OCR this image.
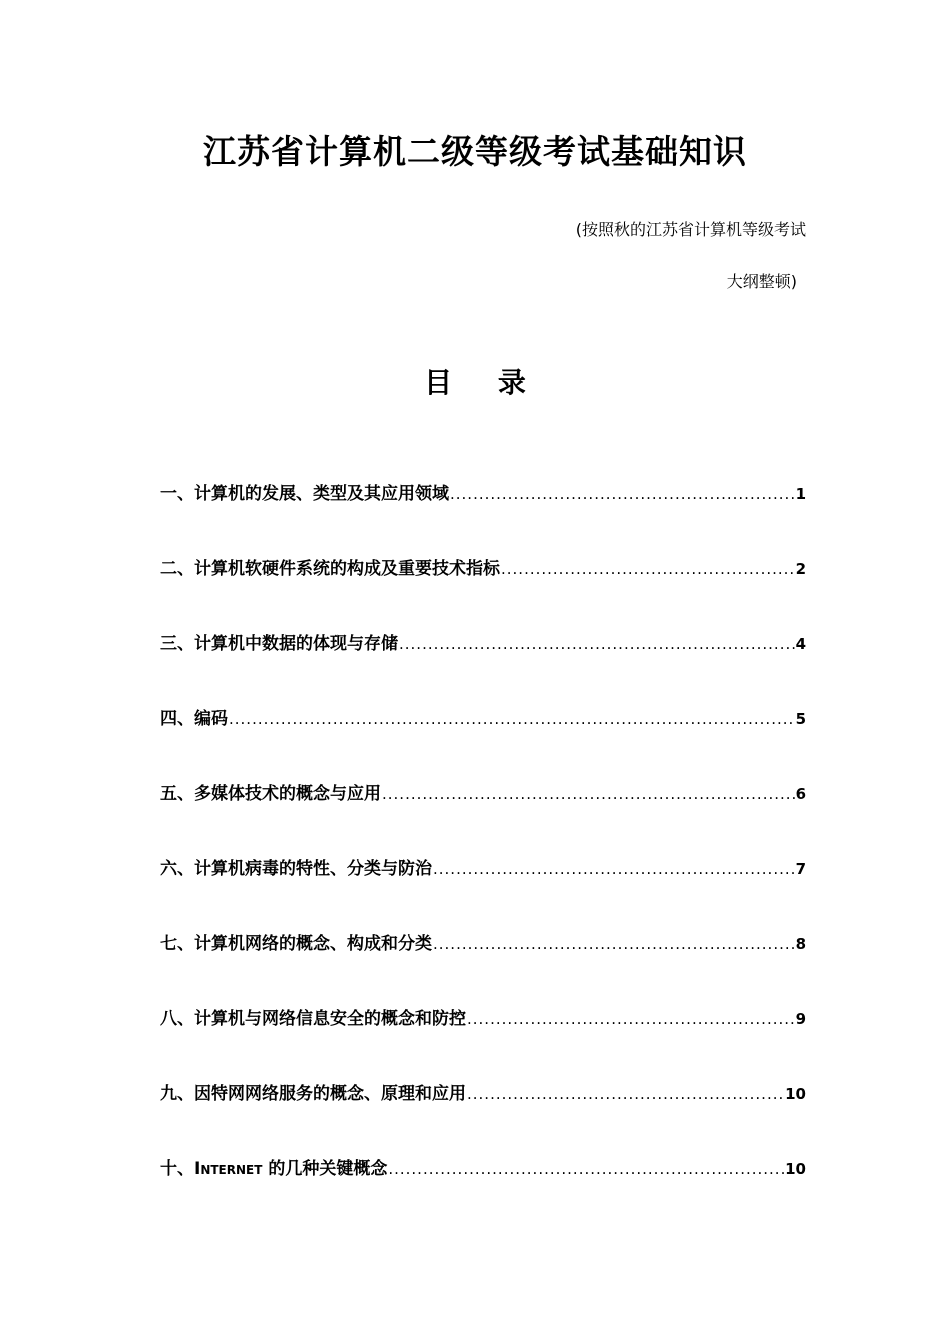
江苏省计算机二级等级考试基础知识
(按照秋的江苏省计算机等级考试
大纲整顿)
目 录
一、计算机的发展、类型及其应用领域 .....	1
二、计算机软硬件系统的构成及重要技术指标 .....	2
三、计算机中数据的体现与存储 .....	4
四、编码 .....	5
五、多媒体技术的概念与应用 .....	6
六、计算机病毒的特性、分类与防治 .....	7
七、计算机网络的概念、构成和分类 .....	8
八、计算机与网络信息安全的概念和防控 .....	9
九、因特网网络服务的概念、原理和应用 .....	10
十、Internet 的几种关键概念 .....	10
